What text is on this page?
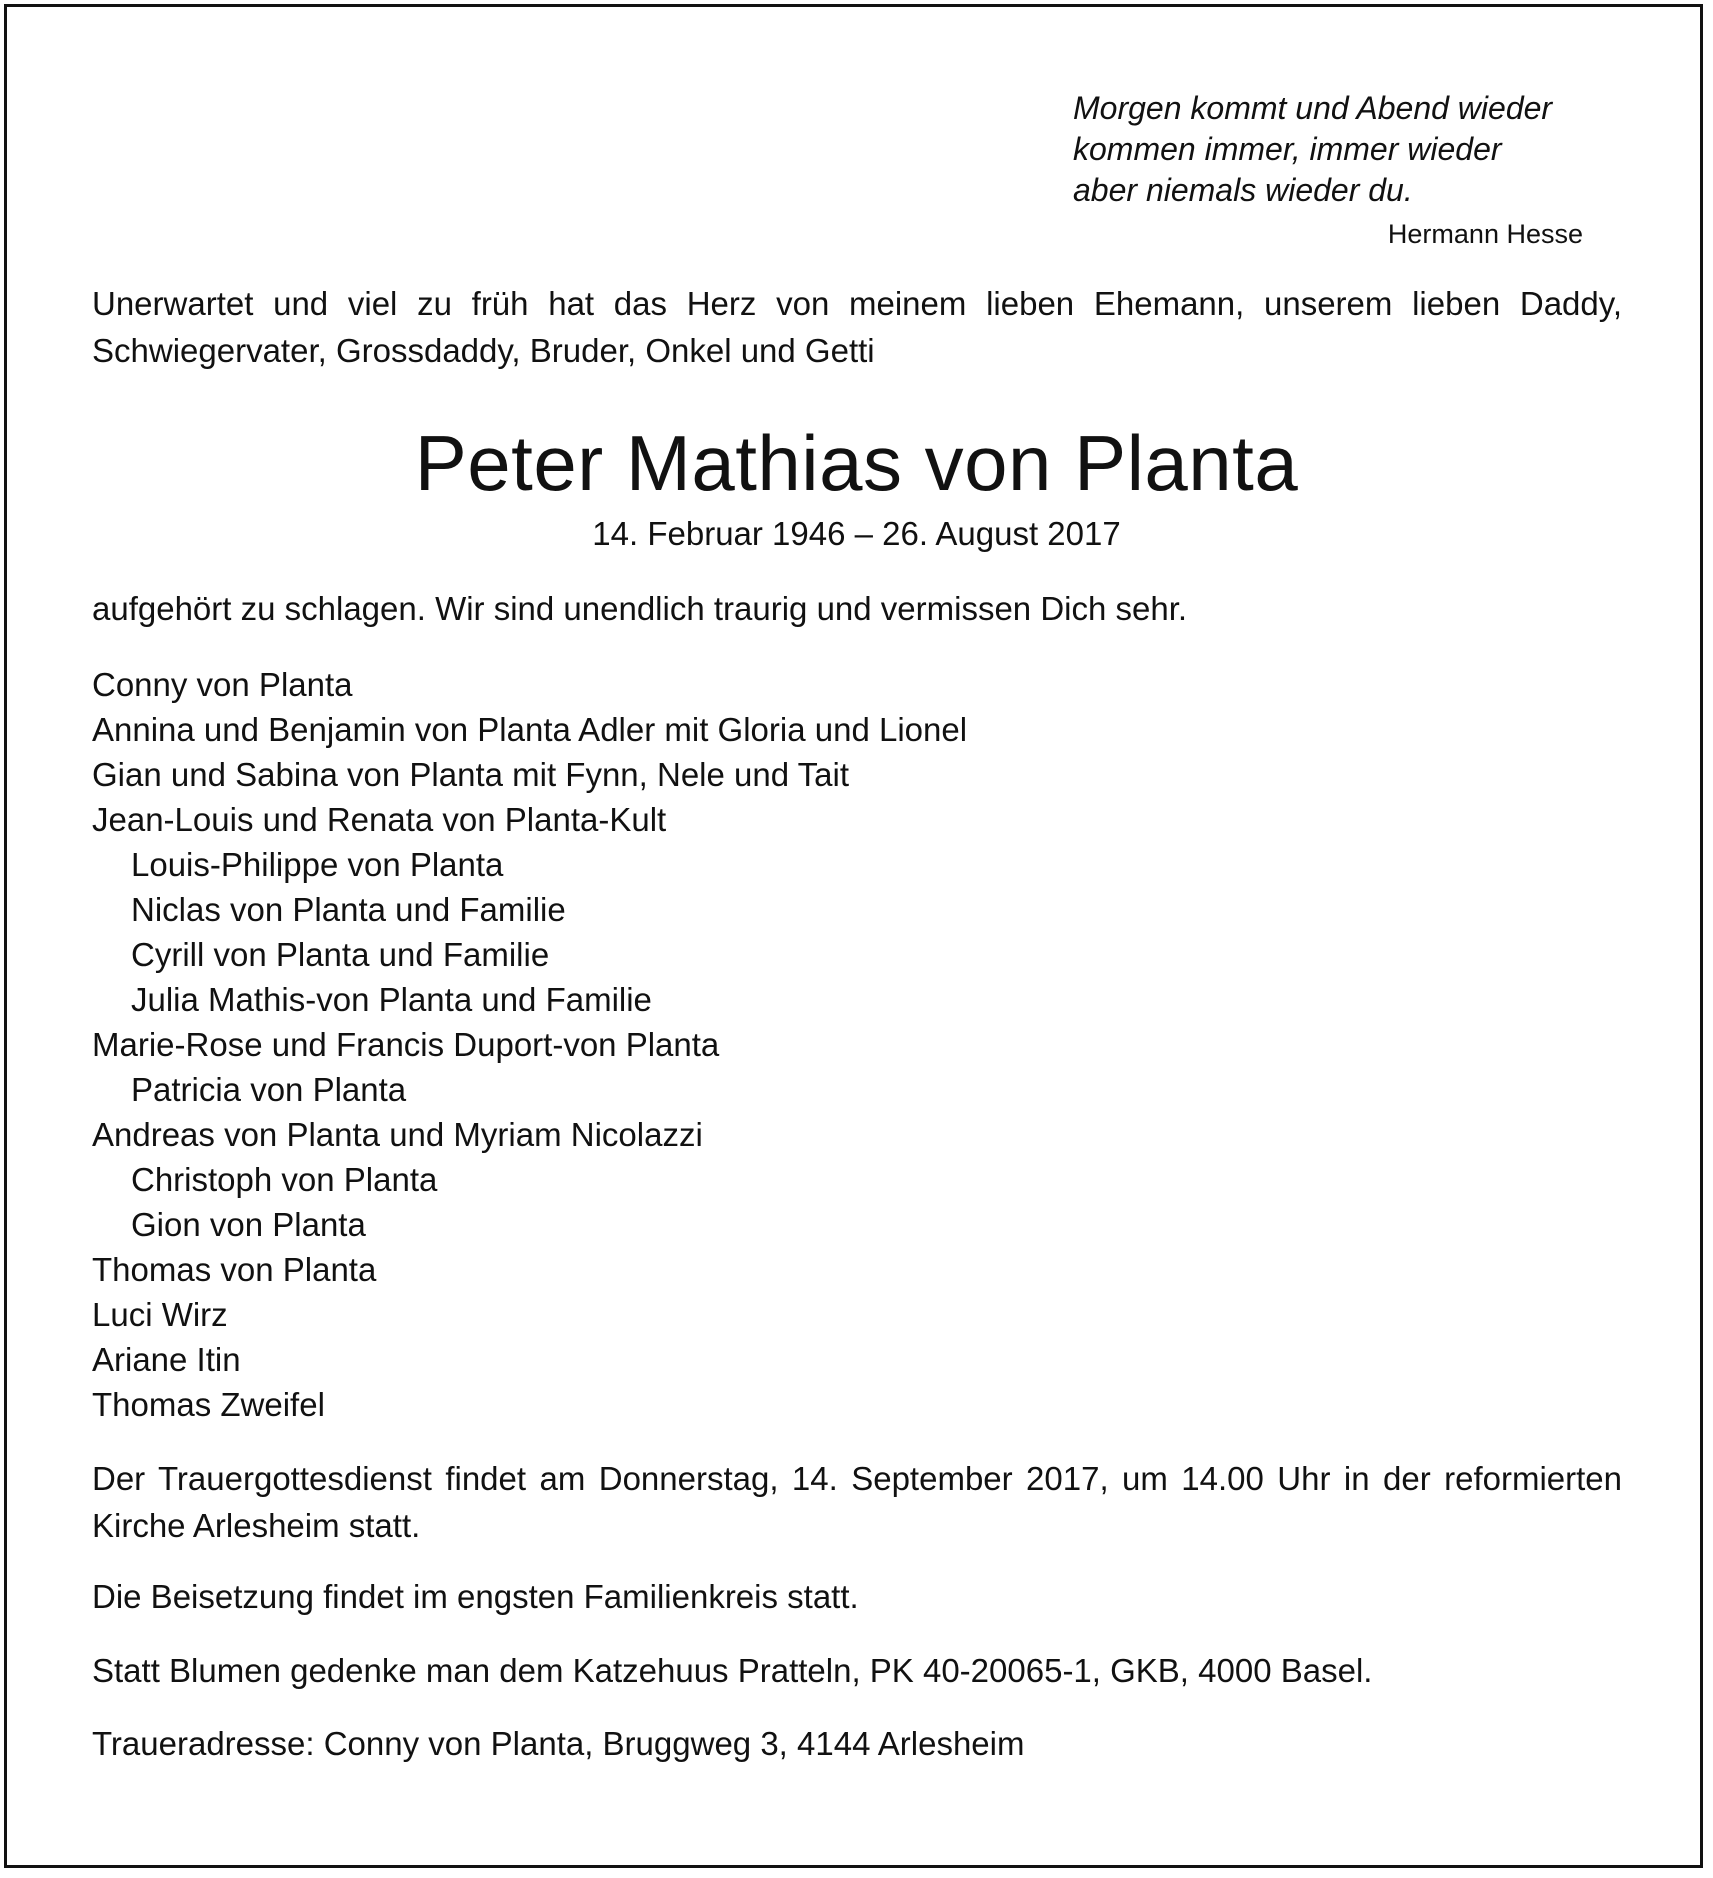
Morgen kommt und Abend wieder

kommen immer, immer wieder

aber niemals wieder du.

Hermann Hesse

Unerwartet und viel zu früh hat das Herz von meinem lieben Ehemann, unserem lieben Daddy, Schwiegervater, Grossdaddy, Bruder, Onkel und Getti

Peter Mathias von Planta

14. Februar 1946 – 26. August 2017

aufgehört zu schlagen. Wir sind unendlich traurig und vermissen Dich sehr.

Conny von Planta
Annina und Benjamin von Planta Adler mit Gloria und Lionel
Gian und Sabina von Planta mit Fynn, Nele und Tait
Jean-Louis und Renata von Planta-Kult
Louis-Philippe von Planta
Niclas von Planta und Familie
Cyrill von Planta und Familie
Julia Mathis-von Planta und Familie
Marie-Rose und Francis Duport-von Planta
Patricia von Planta
Andreas von Planta und Myriam Nicolazzi
Christoph von Planta
Gion von Planta
Thomas von Planta
Luci Wirz
Ariane Itin
Thomas Zweifel

Der Trauergottesdienst findet am Donnerstag, 14. September 2017, um 14.00 Uhr in der reformierten Kirche Arlesheim statt.

Die Beisetzung findet im engsten Familienkreis statt.

Statt Blumen gedenke man dem Katzehuus Pratteln, PK 40-20065-1, GKB, 4000 Basel.

Traueradresse: Conny von Planta, Bruggweg 3, 4144 Arlesheim
